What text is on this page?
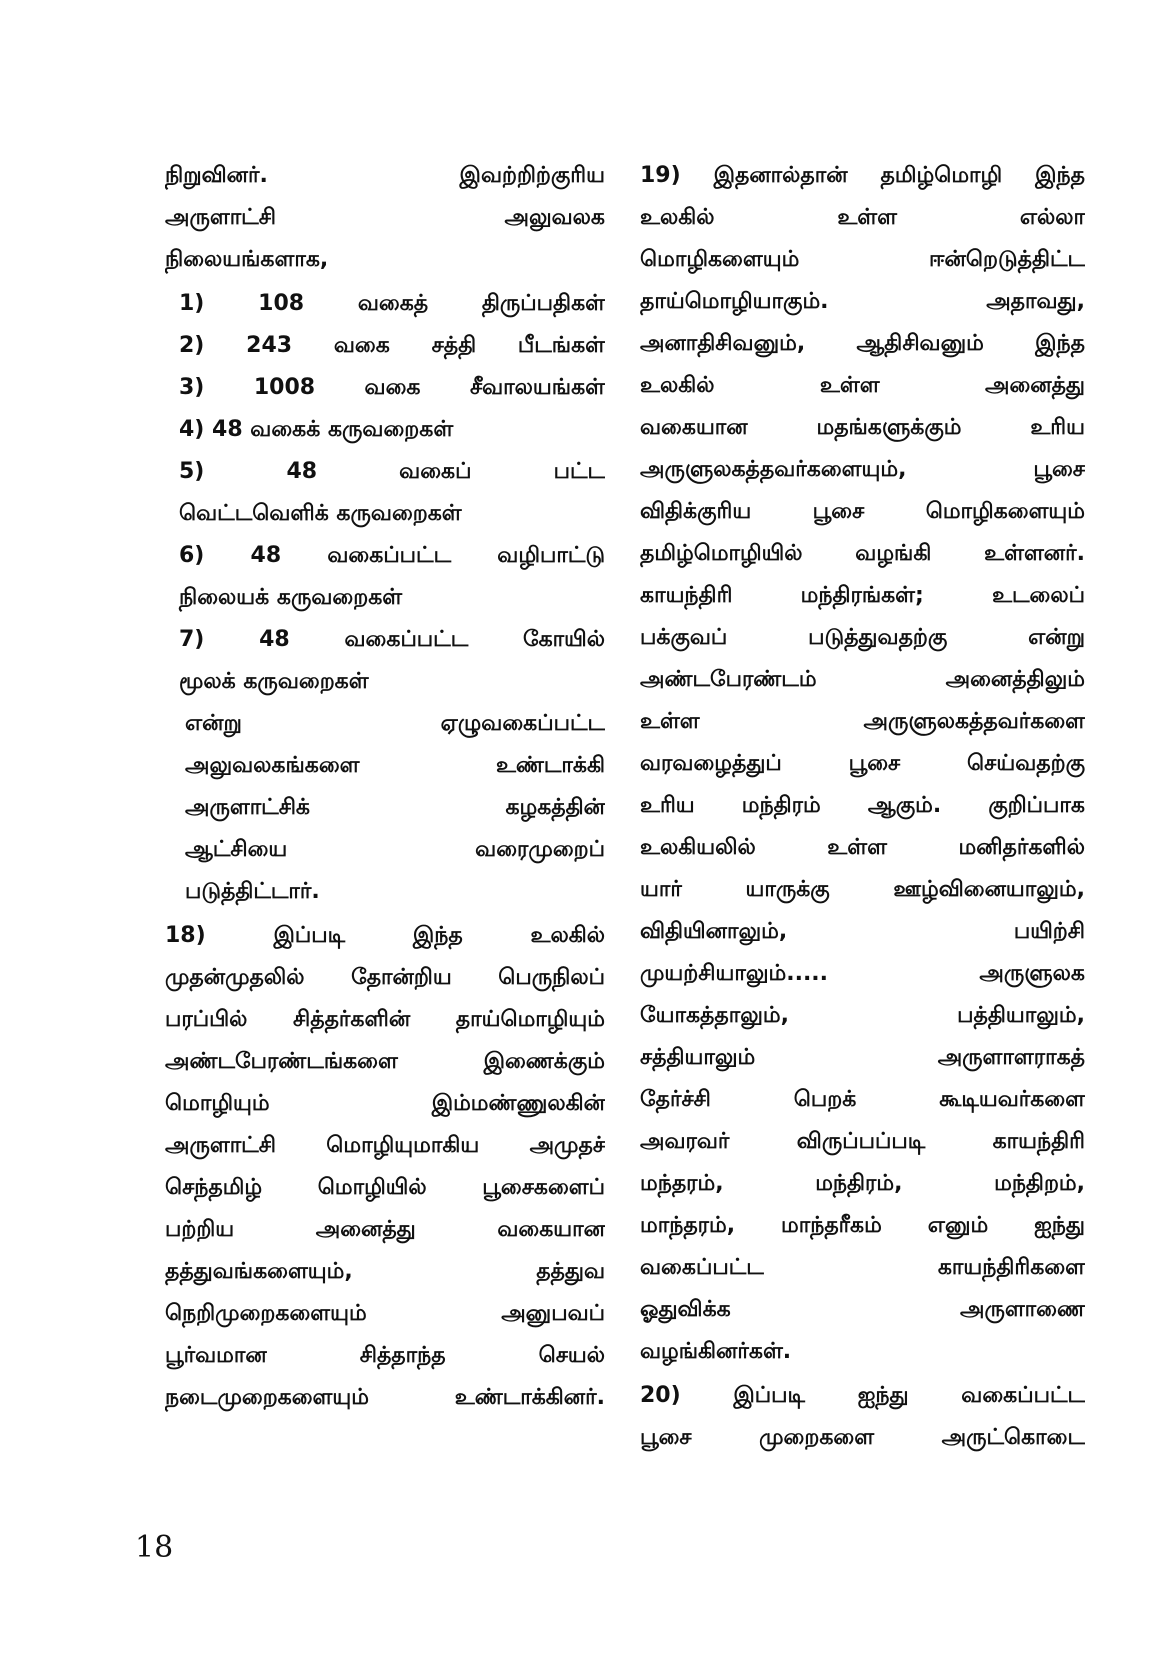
நிறுவினர். இவற்றிற்குரிய
அருளாட்சி அலுவலக
நிலையங்களாக,
1) 108 வகைத் திருப்பதிகள்
2) 243 வகை சத்தி பீடங்கள்
3) 1008 வகை சீவாலயங்கள்
4) 48 வகைக் கருவறைகள்
5) 48 வகைப் பட்ட
வெட்டவெளிக் கருவறைகள்
6) 48 வகைப்பட்ட வழிபாட்டு
நிலையக் கருவறைகள்
7) 48 வகைப்பட்ட கோயில்
மூலக் கருவறைகள்
என்று ஏழுவகைப்பட்ட
அலுவலகங்களை உண்டாக்கி
அருளாட்சிக் கழகத்தின்
ஆட்சியை வரைமுறைப்
படுத்திட்டார்.
18) இப்படி இந்த உலகில்
முதன்முதலில் தோன்றிய பெருநிலப்
பரப்பில் சித்தர்களின் தாய்மொழியும்
அண்டபேரண்டங்களை இணைக்கும்
மொழியும் இம்மண்ணுலகின்
அருளாட்சி மொழியுமாகிய அமுதச்
செந்தமிழ் மொழியில் பூசைகளைப்
பற்றிய அனைத்து வகையான
தத்துவங்களையும், தத்துவ
நெறிமுறைகளையும் அனுபவப்
பூர்வமான சித்தாந்த செயல்
நடைமுறைகளையும் உண்டாக்கினர்.
19) இதனால்தான் தமிழ்மொழி இந்த
உலகில் உள்ள எல்லா
மொழிகளையும் ஈன்றெடுத்திட்ட
தாய்மொழியாகும். அதாவது,
அனாதிசிவனும், ஆதிசிவனும் இந்த
உலகில் உள்ள அனைத்து
வகையான மதங்களுக்கும் உரிய
அருளுலகத்தவர்களையும், பூசை
விதிக்குரிய பூசை மொழிகளையும்
தமிழ்மொழியில் வழங்கி உள்ளனர்.
காயந்திரி மந்திரங்கள்; உடலைப்
பக்குவப் படுத்துவதற்கு என்று
அண்டபேரண்டம் அனைத்திலும்
உள்ள அருளுலகத்தவர்களை
வரவழைத்துப் பூசை செய்வதற்கு
உரிய மந்திரம் ஆகும். குறிப்பாக
உலகியலில் உள்ள மனிதர்களில்
யார் யாருக்கு ஊழ்வினையாலும்,
விதியினாலும், பயிற்சி
முயற்சியாலும்..... அருளுலக
யோகத்தாலும், பத்தியாலும்,
சத்தியாலும் அருளாளராகத்
தேர்ச்சி பெறக் கூடியவர்களை
அவரவர் விருப்பப்படி காயந்திரி
மந்தரம், மந்திரம், மந்திறம்,
மாந்தரம், மாந்தரீகம் எனும் ஐந்து
வகைப்பட்ட காயந்திரிகளை
ஓதுவிக்க அருளாணை
வழங்கினர்கள்.
20) இப்படி ஐந்து வகைப்பட்ட
பூசை முறைகளை அருட்கொடை
18
